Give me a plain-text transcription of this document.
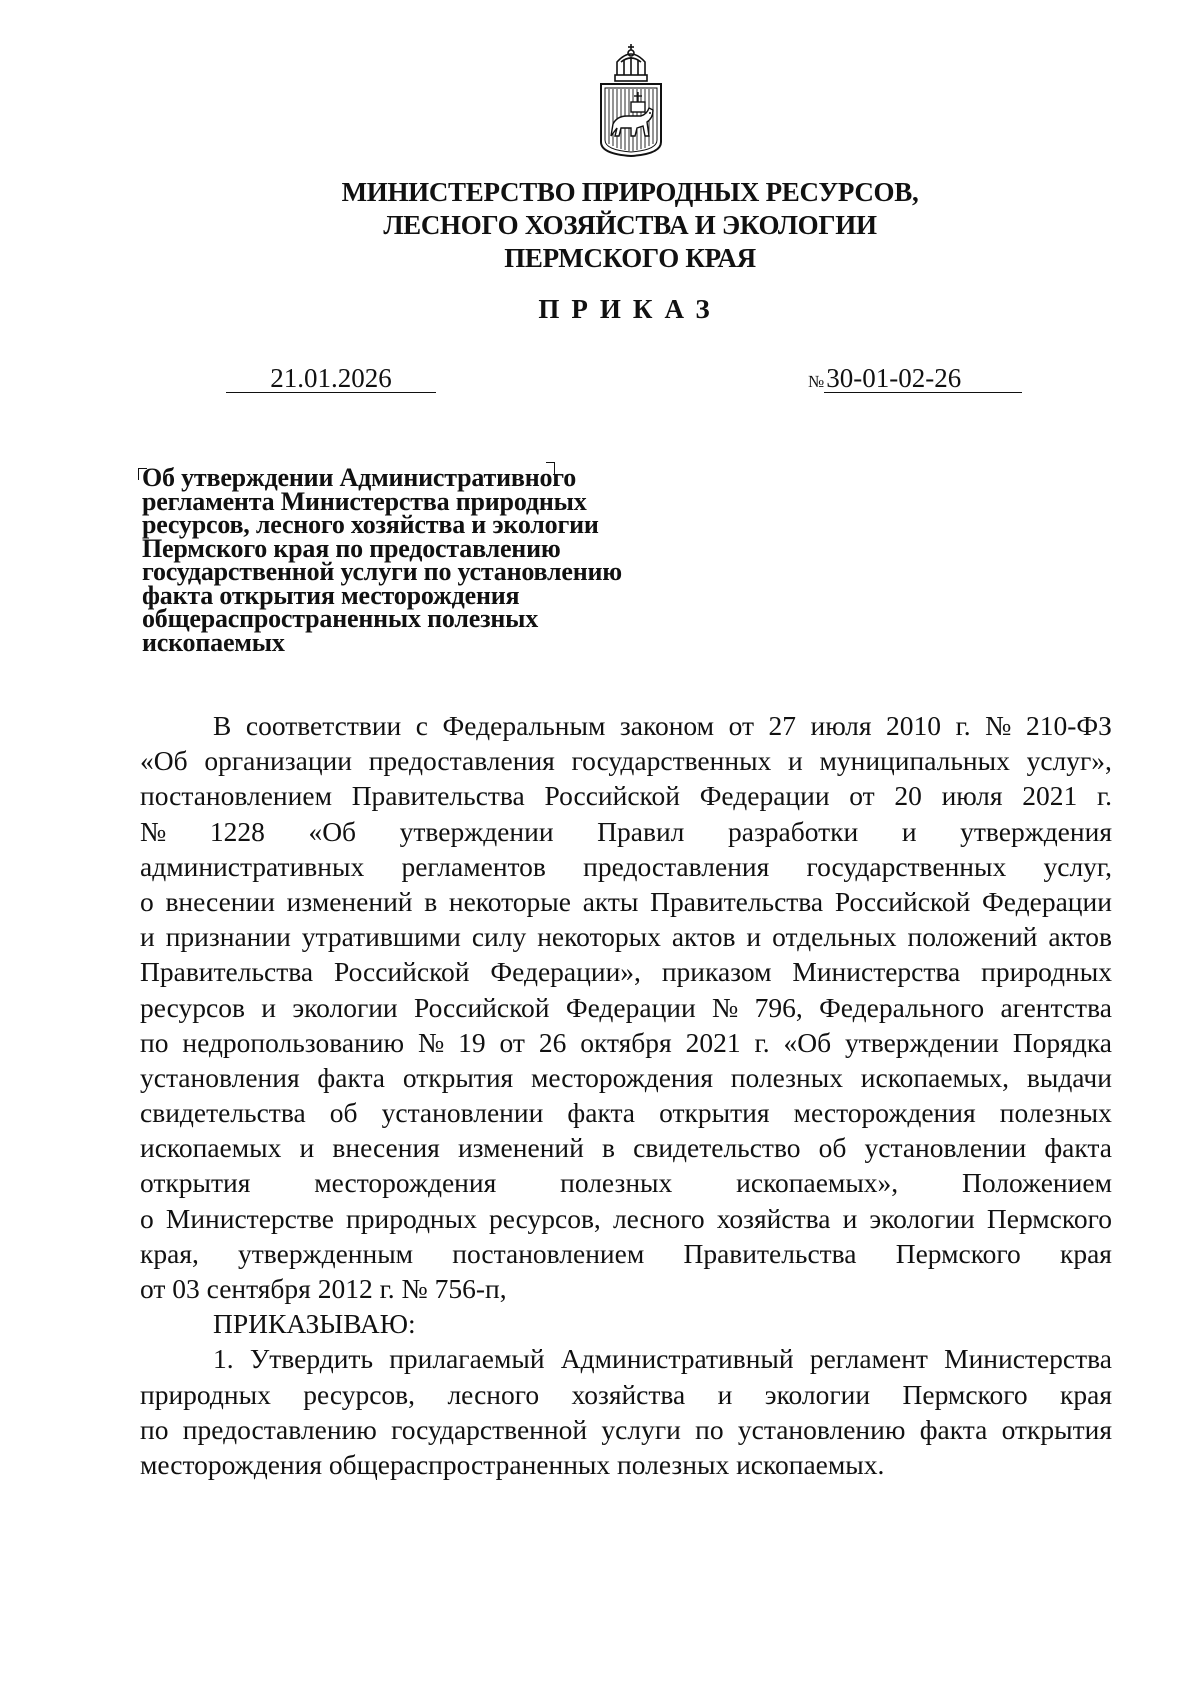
МИНИСТЕРСТВО ПРИРОДНЫХ РЕСУРСОВ,
ЛЕСНОГО ХОЗЯЙСТВА И ЭКОЛОГИИ
ПЕРМСКОГО КРАЯ
ПРИКАЗ
21.01.2026	№30-01-02-26
Об утверждении Административного
регламента Министерства природных
ресурсов, лесного хозяйства и экологии
Пермского края по предоставлению
государственной услуги по установлению
факта открытия месторождения
общераспространенных полезных
ископаемых
В соответствии с Федеральным законом от 27 июля 2010 г. № 210-ФЗ
«Об организации предоставления государственных и муниципальных услуг»,
постановлением Правительства Российской Федерации от 20 июля 2021 г.
№ 1228 «Об утверждении Правил разработки и утверждения
административных регламентов предоставления государственных услуг,
о внесении изменений в некоторые акты Правительства Российской Федерации
и признании утратившими силу некоторых актов и отдельных положений актов
Правительства Российской Федерации», приказом Министерства природных
ресурсов и экологии Российской Федерации № 796, Федерального агентства
по недропользованию № 19 от 26 октября 2021 г. «Об утверждении Порядка
установления факта открытия месторождения полезных ископаемых, выдачи
свидетельства об установлении факта открытия месторождения полезных
ископаемых и внесения изменений в свидетельство об установлении факта
открытия месторождения полезных ископаемых», Положением
о Министерстве природных ресурсов, лесного хозяйства и экологии Пермского
края, утвержденным постановлением Правительства Пермского края
от 03 сентября 2012 г. № 756-п,
ПРИКАЗЫВАЮ:
1. Утвердить прилагаемый Административный регламент Министерства
природных ресурсов, лесного хозяйства и экологии Пермского края
по предоставлению государственной услуги по установлению факта открытия
месторождения общераспространенных полезных ископаемых.
